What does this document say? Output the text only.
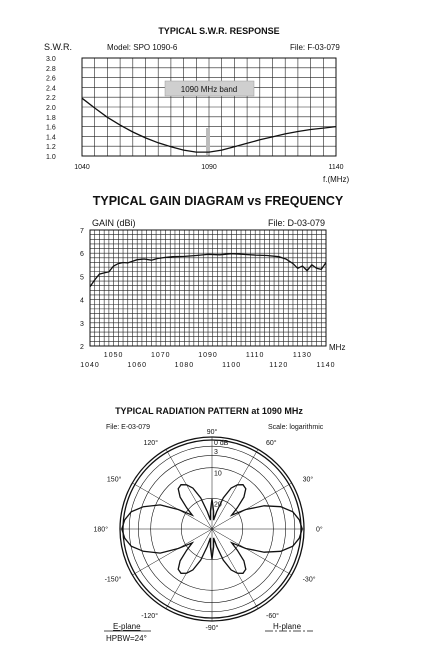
TYPICAL S.W.R. RESPONSE
S.W.R.	Model: SPO 1090-6	File: F-03-079
3.0
2.8
2.6
2.4
2.2
2.0
1.8
1.6
1.4
1.2
1.0
1040	1090	1140
1090 MHz band
f.(MHz)
TYPICAL GAIN DIAGRAM vs FREQUENCY
GAIN (dBi)	File: D-03-079
7
6
5
4
3
2
1050	1070	1090	1110	1130
1040	1060	1080	1100	1120	1140
MHz
TYPICAL RADIATION PATTERN at 1090 MHz
File: E-03-079	Scale: logarithmic
90°
60°
30°
0°
-30°
-60°
-90°
-120°
-150°
180°
150°
120°	0 dB
3
10
20
E-plane
HPBW=24°
H-plane
